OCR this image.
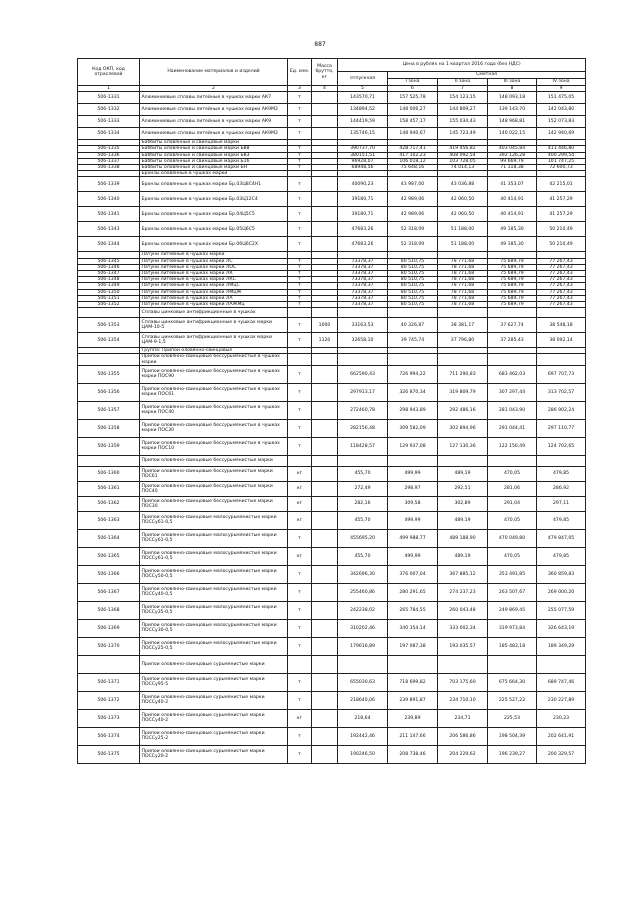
887
Код ОКП, код отраслевой	Наименование материалов и изделий	Ед. изм.	Масса брутто, кг	Цена в рублях на 1 квартал 2016 года (без НДС)				
				отпускная	Сметная			
					I зона	II зона	III зона	IV зона
1	2	3	4	5	6	7	8	9
506-1331	Алюминиевые сплавы литейные в чушках марки АК7	т		143570,71	157 525,78	154 123,15	148 093,18	151 475,05
506-1332	Алюминиевые сплавы литейные в чушках марки АК9М2	т		134894,52	148 006,27	144 809,27	139 143,70	142 043,80
506-1333	Алюминиевые сплавы литейные в чушках марки АК9	т		144419,59	158 457,17	155 034,43	148 968,81	152 073,83
506-1334	Алюминиевые сплавы литейные в чушках марки АК9М2	т		135746,15	148 940,67	145 723,49	140 022,15	142 940,69
	Баббиты оловянные и свинцовые марки							
506-1335	Баббиты оловянные и свинцовые марки Б88	т		390737,70	428 717,41	419 456,82	403 045,84	411 446,80
506-1336	Баббиты оловянные и свинцовые марки Б83	т		380151,51	417 102,23	408 092,54	392 126,28	400 299,54
506-1337	Баббиты оловянные и свинцовые марки Б16	т		96928,07	106 018,12	103 728,05	99 669,79	101 747,25
506-1338	Баббиты оловянные и свинцовые марки БН	т		68948,56	75 648,16	74 014,13	71 118,38	72 600,73
	Бронзы оловянные в чушках марки							
506-1339	Бронзы оловянные в чушках марки Бр.03Ц8С4Н1	т		40090,23	43 987,00	43 036,88	41 353,07	42 215,01
506-1340	Бронзы оловянные в чушках марки Бр.03Ц12С4	т		39180,71	42 989,06	42 060,50	40 414,91	41 257,29
506-1341	Бронзы оловянные в чушках марки Бр.04Ц5С5	т		39180,71	42 989,06	42 060,50	40 414,91	41 257,29
506-1343	Бронзы оловянные в чушках марки Бр.05Ц6С5	т		47683,26	52 318,09	51 188,00	49 185,30	50 210,49
506-1344	Бронзы оловянные в чушках марки Бр.06Ц6С2Х	т		47683,26	52 318,09	51 188,00	49 185,30	50 210,49
	Латуни литейные в чушках марки							
506-1345	Латуни литейные в чушках марки ЛС	т		73378,37	80 510,75	78 771,68	75 689,79	77 267,43
506-1346	Латуни литейные в чушках марки ЛОС	т		73378,37	80 510,75	78 771,68	75 689,79	77 267,43
506-1347	Латуни литейные в чушках марки ЛК	т		73378,37	80 510,75	78 771,68	75 689,79	77 267,43
506-1348	Латуни литейные в чушках марки ЛКС	т		73378,37	80 510,75	78 771,68	75 689,79	77 267,43
506-1349	Латуни литейные в чушках марки ЛМцС	т		73378,37	80 510,75	78 771,68	75 689,79	77 267,43
506-1350	Латуни литейные в чушках марки ЛМцЖ	т		73378,37	80 510,75	78 771,68	75 689,79	77 267,43
506-1351	Латуни литейные в чушках марки ЛА	т		73378,37	80 510,75	78 771,68	75 689,79	77 267,43
506-1352	Латуни литейные в чушках марки ЛАЖМц	т		73378,37	80 510,75	78 771,68	75 689,79	77 267,43
	Сплавы цинковые антифрикционные в чушках							
506-1353	Сплавы цинковые антифрикционные в чушках марки ЦАМ-10-5	т	1000	33163,53	40 326,87	38 381,17	37 627,74	38 548,18
506-1354	Сплавы цинковые антифрикционные в чушках марки ЦАМ-9-1,5	т	1120	32658,10	39 745,74	37 796,80	37 285,43	38 092,14
	Группа: Припои оловянно-свинцовые							
	Припои оловянно-свинцовые бессурьмянистые в чушках марки							
506-1355	Припои оловянно-свинцовые бессурьмянистые в чушках марки ПОС90	т		662590,43	726 994,22	711 290,83	683 462,03	697 707,73
506-1356	Припои оловянно-свинцовые бессурьмянистые в чушках марки ПОС61	т		297913,17	326 870,34	319 809,79	307 297,44	313 702,57
506-1357	Припои оловянно-свинцовые бессурьмянистые в чушках марки ПОС40	т		272460,78	298 943,89	292 486,16	281 043,90	286 902,24
506-1358	Припои оловянно-свинцовые бессурьмянистые в чушках марки ПОС30	т		282156,48	309 582,09	302 894,96	291 044,41	297 110,77
506-1359	Припои оловянно-свинцовые бессурьмянистые в чушках марки ПОС10	т		118428,57	129 937,08	127 130,36	122 156,49	124 702,65
	Припои оловянно-свинцовые бессурьмянистые марки							
506-1360	Припои оловянно-свинцовые бессурьмянистые марки ПОС61	кг		455,70	499,99	489,19	470,05	479,85
506-1361	Припои оловянно-свинцовые бессурьмянистые марки ПОС40	кг		272,49	298,97	292,51	281,06	286,92
506-1362	Припои оловянно-свинцовые бессурьмянистые марки ПОС30	кг		282,16	309,58	302,89	291,04	297,11
506-1363	Припои оловянно-свинцовые малосурьмянистые марки ПОССу61-0,5	кг		455,70	499,99	489,19	470,05	479,85
506-1364	Припои оловянно-свинцовые малосурьмянистые марки ПОССу61-0,5	т		455695,20	499 988,77	489 188,90	470 049,80	479 847,05
506-1365	Припои оловянно-свинцовые малосурьмянистые марки ПОССу61-0,5	кг		455,70	499,99	489,19	470,05	479,85
506-1366	Припои оловянно-свинцовые малосурьмянистые марки ПОССу50-0,5	т		342696,30	376 007,04	367 885,12	353 491,85	360 859,83
506-1367	Припои оловянно-свинцовые малосурьмянистые марки ПОССу40-0,5	т		255460,86	280 291,65	274 237,23	263 507,67	269 000,20
506-1368	Припои оловянно-свинцовые малосурьмянистые марки ПОССу35-0,5	т		242238,02	265 784,55	260 043,48	249 869,45	255 077,59
506-1369	Припои оловянно-свинцовые малосурьмянистые марки ПОССу30-0,5	т		310202,46	340 354,14	333 002,34	319 973,84	326 643,19
506-1370	Припои оловянно-свинцовые малосурьмянистые марки ПОССу25-0,5	т		179616,89	197 087,38	193 035,57	185 483,18	189 349,29
	Припои оловянно-свинцовые сурьмянистые марки							
506-1371	Припои оловянно-свинцовые сурьмянистые марки ПОССу95-5	т		655030,63	718 699,82	703 175,60	675 664,30	689 747,46
506-1372	Припои оловянно-свинцовые сурьмянистые марки ПОССу40-2	т		218640,06	239 891,87	234 710,10	225 527,22	230 227,89
506-1373	Припои оловянно-свинцовые сурьмянистые марки ПОССу40-2	кг		218,64	239,89	234,71	225,53	230,23
506-1374	Припои оловянно-свинцовые сурьмянистые марки ПОССу25-2	т		192442,46	211 147,66	206 586,86	198 504,39	202 641,91
506-1375	Припои оловянно-свинцовые сурьмянистые марки ПОССу20-2	т		190246,50	208 738,46	204 229,62	196 239,27	200 329,57
